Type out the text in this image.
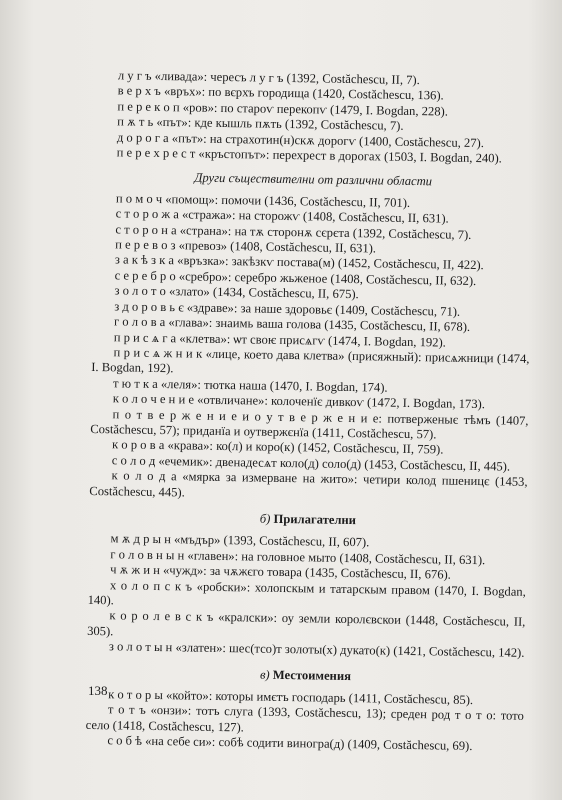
л у г ъ «ливада»: чересъ л у г ъ (1392, Costăchescu, II, 7).

в е р х ъ «връх»: по вєрхъ городища (1420, Costăchescu, 136).

п е р е к о п «ров»: по староѵ перекопѵ (1479, I. Bogdan, 228).

п ѫ т ь «път»: кде кышль пѫть (1392, Costăchescu, 7).

д о р о г а «път»: на страхотин(н)скѫ дорогѵ (1400, Costăchescu, 27).

п е р е х р е с т «кръстопът»: перехрест в дорогах (1503, I. Bogdan, 240).

Други съществителни от различни области

п о м о ч «помощ»: помочи (1436, Costăchescu, II, 701).

с т о р о ж а «стража»: на сторожѵ (1408, Costăchescu, II, 631).

с т о р о н а «страна»: на тѫ сторонѫ сєрєта (1392, Costăchescu, 7).

п е р е в о з «превоз» (1408, Costăchescu, II, 631).

з а к ѣ з к а «връзка»: закѣзкѵ постава(м) (1452, Costăchescu, II, 422).

с е р е б р о «сребро»: серебро жьженое (1408, Costăchescu, II, 632).

з о л о т о «злато» (1434, Costăchescu, II, 675).

з д о р о в ь є «здраве»: за наше здоровьє (1409, Costăchescu, 71).

г о л о в а «глава»: знаимь ваша голова (1435, Costăchescu, II, 678).

п р и с ѧ г а «клетва»: ѡт своѥ присѧгѵ (1474, I. Bogdan, 192).

п р и с ѧ ж н и к «лице, което дава клетва» (присяжный): присѧжници (1474, I. Bogdan, 192).

т ю т к а «леля»: тютка наша (1470, I. Bogdan, 174).

к о л о ч е н и е «отвличане»: колоченїє дивкоѵ (1472, I. Bogdan, 173).

п о т в е р ж е н и е и о у т в е р ж е н и е: потверженыє тѣмъ (1407, Costăchescu, 57); приданїа и оутвержєнїа (1411, Costăchescu, 57).

к о р о в а «крава»: ко(л) и коро(к) (1452, Costăchescu, II, 759).

с о л о д «ечемик»: двенадесѧт коло(д) соло(д) (1453, Costăchescu, II, 445).

к о л о д а «мярка за измерване на жито»: четири колод пшеницє (1453, Costăchescu, 445).

б) Прилагателни

м ѫ д р ы н «мъдър» (1393, Costăchescu, II, 607).

г о л о в н ы н «главен»: на головное мыто (1408, Costăchescu, II, 631).

ч ѫ ж и н «чужд»: за чѫжєго товара (1435, Costăchescu, II, 676).

х о л о п с к ъ «робски»: холопскым и татарскым правом (1470, I. Bogdan, 140).

к о р о л е в с к ъ «кралски»: оу земли королєвскои (1448, Costăchescu, II, 305).

з о л о т ы н «златен»: шес(тсо)т золоты(х) дукато(к) (1421, Costăchescu, 142).

в) Местоимения

к о т о р ы «който»: которы имєтъ господарь (1411, Costăchescu, 85).

т о т ъ «онзи»: тотъ слуга (1393, Costăchescu, 13); среден род т о т о: тото село (1418, Costăchescu, 127).

с о б ѣ «на себе си»: собѣ содити виногра(д) (1409, Costăchescu, 69).

138
